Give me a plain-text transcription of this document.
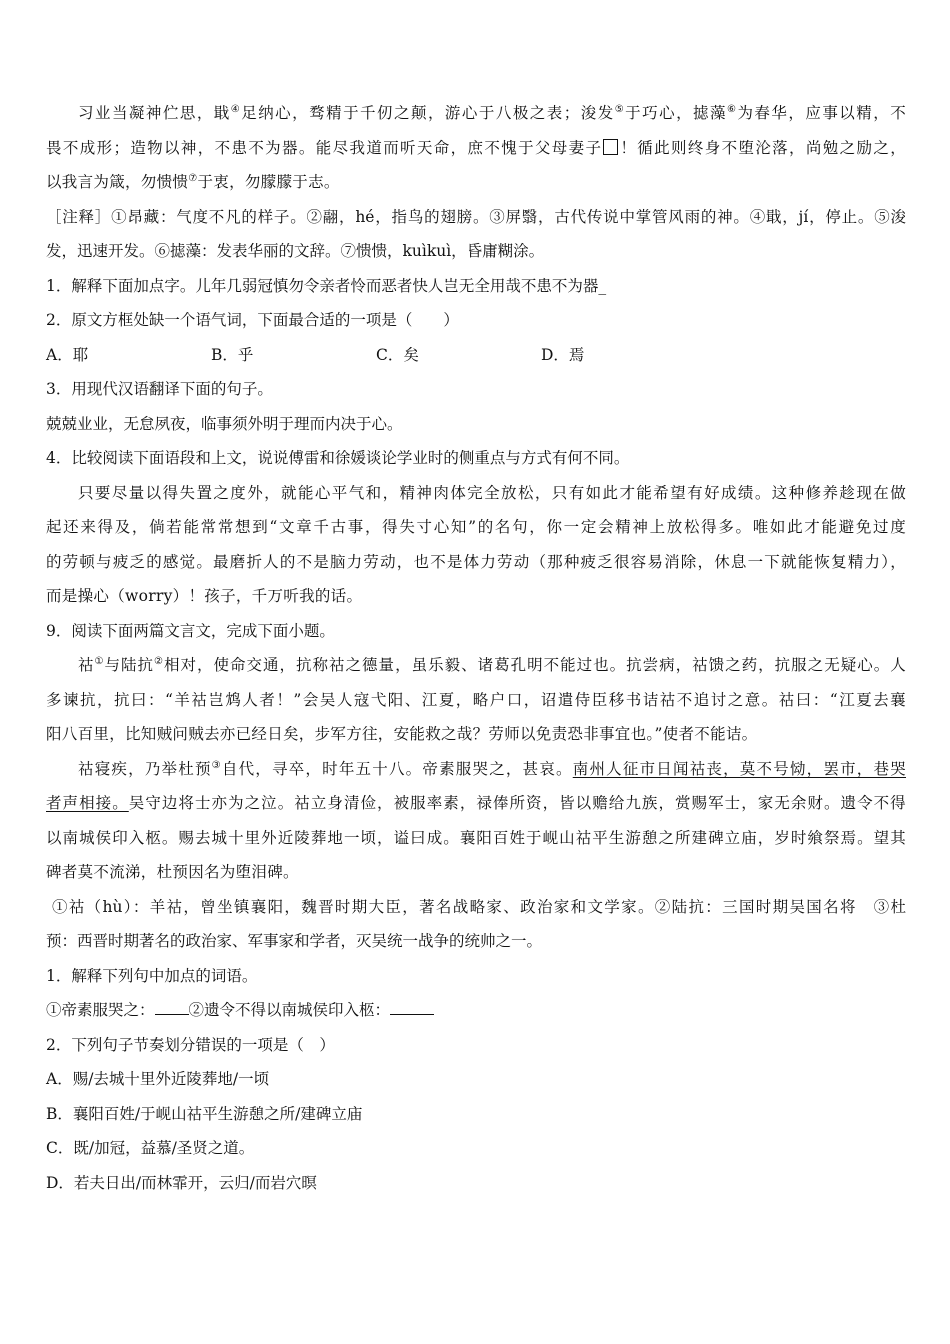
习业当凝神伫思，戢④足纳心，骛精于千仞之颠，游心于八极之表；浚发⑤于巧心，摅藻⑥为春华，应事以精，不
畏不成形；造物以神，不患不为器。能尽我道而听天命，庶不愧于父母妻子 ！循此则终身不堕沦落，尚勉之励之，
以我言为箴，勿愦愦⑦于衷，勿朦朦于志。
［注释］①昂藏：气度不凡的样子。②翮，hé，指鸟的翅膀。③屏翳，古代传说中掌管风雨的神。④戢，jí，停止。⑤浚
发，迅速开发。⑥摅藻：发表华丽的文辞。⑦愦愦，kuìkuì，昏庸糊涂。
1．解释下面加点字。儿年几弱冠慎勿令亲者怜而恶者快人岂无全用哉不患不为器_
2．原文方框处缺一个语气词，下面最合适的一项是（　　）
A．耶	B．乎	C．矣	D．焉
3．用现代汉语翻译下面的句子。
兢兢业业，无怠夙夜，临事须外明于理而内决于心。
4．比较阅读下面语段和上文，说说傅雷和徐媛谈论学业时的侧重点与方式有何不同。
只要尽量以得失置之度外，就能心平气和，精神肉体完全放松，只有如此才能希望有好成绩。这种修养趁现在做
起还来得及，倘若能常常想到“文章千古事，得失寸心知”的名句，你一定会精神上放松得多。唯如此才能避免过度
的劳顿与疲乏的感觉。最磨折人的不是脑力劳动，也不是体力劳动（那种疲乏很容易消除，休息一下就能恢复精力），
而是操心（worry）！孩子，千万听我的话。
9．阅读下面两篇文言文，完成下面小题。
祜①与陆抗②相对，使命交通，抗称祜之德量，虽乐毅、诸葛孔明不能过也。抗尝病，祜馈之药，抗服之无疑心。人
多谏抗，抗曰：“羊祜岂鸩人者！”会吴人寇弋阳、江夏，略户口，诏遣侍臣移书诘祜不追讨之意。祜曰：“江夏去襄
阳八百里，比知贼问贼去亦已经日矣，步军方往，安能救之哉？劳师以免责恐非事宜也。”使者不能诘。
祜寝疾，乃举杜预③自代，寻卒，时年五十八。帝素服哭之，甚哀。南州人征市日闻祜丧，莫不号恸，罢市，巷哭
者声相接。吴守边将士亦为之泣。祜立身清俭，被服率素，禄俸所资，皆以赡给九族，赏赐军士，家无余财。遗令不得
以南城侯印入柩。赐去城十里外近陵葬地一顷，谥曰成。襄阳百姓于岘山祜平生游憩之所建碑立庙，岁时飨祭焉。望其
碑者莫不流涕，杜预因名为堕泪碑。
①祜（hù）：羊祜，曾坐镇襄阳，魏晋时期大臣，著名战略家、政治家和文学家。②陆抗：三国时期吴国名将　③杜
预：西晋时期著名的政治家、军事家和学者，灭吴统一战争的统帅之一。
1．解释下列句中加点的词语。
①帝素服哭之： ②遗令不得以南城侯印入柩：
2．下列句子节奏划分错误的一项是（　）
A．赐/去城十里外近陵葬地/一顷
B．襄阳百姓/于岘山祜平生游憩之所/建碑立庙
C．既/加冠，益慕/圣贤之道。
D．若夫日出/而林霏开，云归/而岩穴暝
